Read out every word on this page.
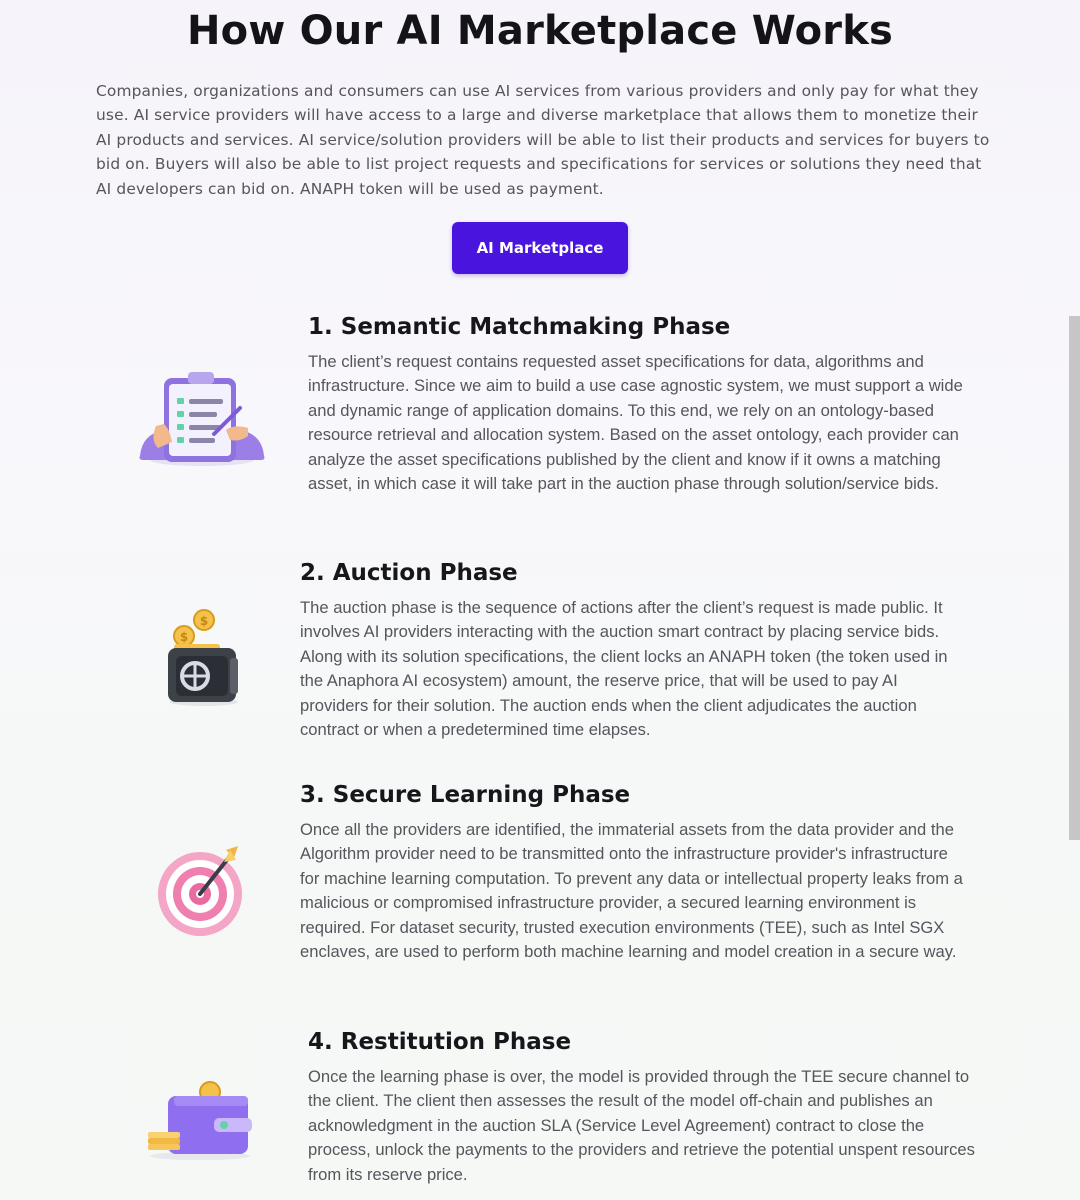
How Our AI Marketplace Works

Companies, organizations and consumers can use AI services from various providers and only pay for what they use. AI service providers will have access to a large and diverse marketplace that allows them to monetize their AI products and services. AI service/solution providers will be able to list their products and services for buyers to bid on. Buyers will also be able to list project requests and specifications for services or solutions they need that AI developers can bid on. ANAPH token will be used as payment.

AI Marketplace
1. Semantic Matchmaking Phase

The client’s request contains requested asset specifications for data, algorithms and infrastructure. Since we aim to build a use case agnostic system, we must support a wide and dynamic range of application domains. To this end, we rely on an ontology-based resource retrieval and allocation system. Based on the asset ontology, each provider can analyze the asset specifications published by the client and know if it owns a matching asset, in which case it will take part in the auction phase through solution/service bids.

$
$
2. Auction Phase

The auction phase is the sequence of actions after the client’s request is made public. It involves AI providers interacting with the auction smart contract by placing service bids. Along with its solution specifications, the client locks an ANAPH token (the token used in the Anaphora AI ecosystem) amount, the reserve price, that will be used to pay AI providers for their solution. The auction ends when the client adjudicates the auction contract or when a predetermined time elapses.

3. Secure Learning Phase

Once all the providers are identified, the immaterial assets from the data provider and the Algorithm provider need to be transmitted onto the infrastructure provider's infrastructure for machine learning computation. To prevent any data or intellectual property leaks from a malicious or compromised infrastructure provider, a secured learning environment is required. For dataset security, trusted execution environments (TEE), such as Intel SGX enclaves, are used to perform both machine learning and model creation in a secure way.

4. Restitution Phase

Once the learning phase is over, the model is provided through the TEE secure channel to the client. The client then assesses the result of the model off-chain and publishes an acknowledgment in the auction SLA (Service Level Agreement) contract to close the process, unlock the payments to the providers and retrieve the potential unspent resources from its reserve price.
